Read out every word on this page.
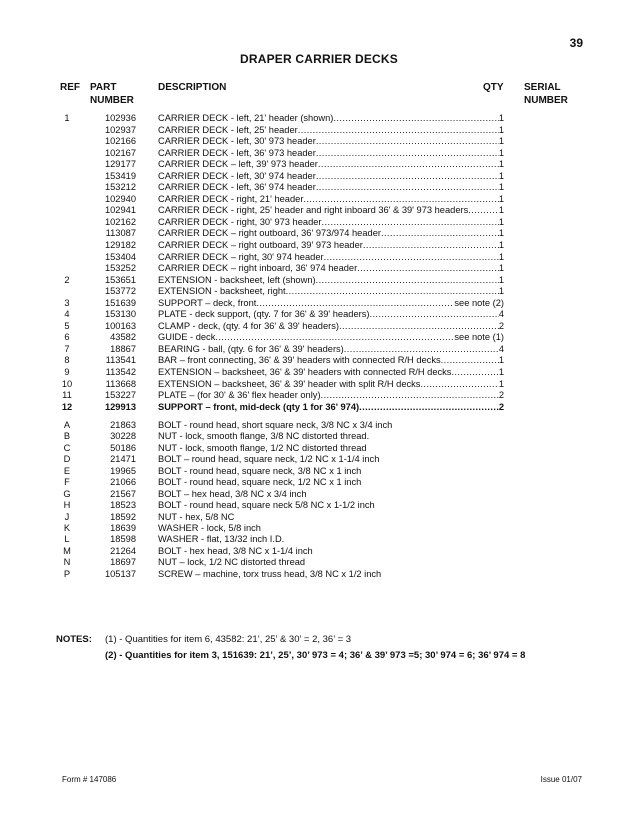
39
DRAPER CARRIER DECKS
REF PART
NUMBER
DESCRIPTION	QTY SERIAL
NUMBER
1	102936 CARRIER DECK - left, 21' header (shown) .....	1
102937 CARRIER DECK - left, 25' header .....	1
102166 CARRIER DECK - left, 30' 973 header .....	1
102167 CARRIER DECK - left, 36' 973 header .....	1
129177 CARRIER DECK – left, 39' 973 header .....	1
153419 CARRIER DECK - left, 30' 974 header .....	1
153212 CARRIER DECK - left, 36' 974 header .....	1
102940 CARRIER DECK - right, 21' header .....	1
102941 CARRIER DECK - right, 25' header and right inboard 36' & 39' 973 headers .....	1
102162 CARRIER DECK - right, 30' 973 header .....	1
113087 CARRIER DECK – right outboard, 36' 973/974 header .....	1
129182 CARRIER DECK – right outboard, 39' 973 header .....	1
153404 CARRIER DECK – right, 30' 974 header .....	1
153252 CARRIER DECK – right inboard, 36' 974 header .....	1
2	153651 EXTENSION - backsheet, left (shown) .....	1
153772 EXTENSION - backsheet, right .....	1
3	151639 SUPPORT – deck, front .....	see note (2)
4	153130 PLATE - deck support, (qty. 7 for 36' & 39' headers) .....	4
5	100163 CLAMP - deck, (qty. 4 for 36' & 39' headers) .....	2
6	43582 GUIDE - deck .....	see note (1)
7	18867 BEARING - ball, (qty. 6 for 36' & 39' headers) .....	4
8	113541 BAR – front connecting, 36' & 39' headers with connected R/H decks .....	1
9	113542 EXTENSION – backsheet, 36' & 39' headers with connected R/H decks .....	1
10	113668 EXTENSION – backsheet, 36' & 39' header with split R/H decks .....	1
11	153227 PLATE – (for 30' & 36' flex header only) .....	2
12	129913 SUPPORT – front, mid-deck (qty 1 for 36' 974) .....	2
A	21863 BOLT - round head, short square neck, 3/8 NC x 3/4 inch
B	30228 NUT - lock, smooth flange, 3/8 NC distorted thread.
C	50186 NUT - lock, smooth flange, 1/2 NC distorted thread
D	21471 BOLT – round head, square neck, 1/2 NC x 1-1/4 inch
E	19965 BOLT - round head, square neck, 3/8 NC x 1 inch
F	21066 BOLT - round head, square neck, 1/2 NC x 1 inch
G	21567 BOLT – hex head, 3/8 NC x 3/4 inch
H	18523 BOLT - round head, square neck 5/8 NC x 1-1/2 inch
J	18592 NUT - hex, 5/8 NC
K	18639 WASHER - lock, 5/8 inch
L	18598 WASHER - flat, 13/32 inch I.D.
M	21264 BOLT - hex head, 3/8 NC x 1-1/4 inch
N	18697 NUT – lock, 1/2 NC distorted thread
P	105137 SCREW – machine, torx truss head, 3/8 NC x 1/2 inch
NOTES: (1) - Quantities for item 6, 43582: 21’, 25’ & 30’ = 2, 36’ = 3
(2) - Quantities for item 3, 151639: 21’, 25’, 30’ 973 = 4; 36’ & 39’ 973 =5; 30’ 974 = 6; 36’ 974 = 8
Form # 147086	Issue 01/07
